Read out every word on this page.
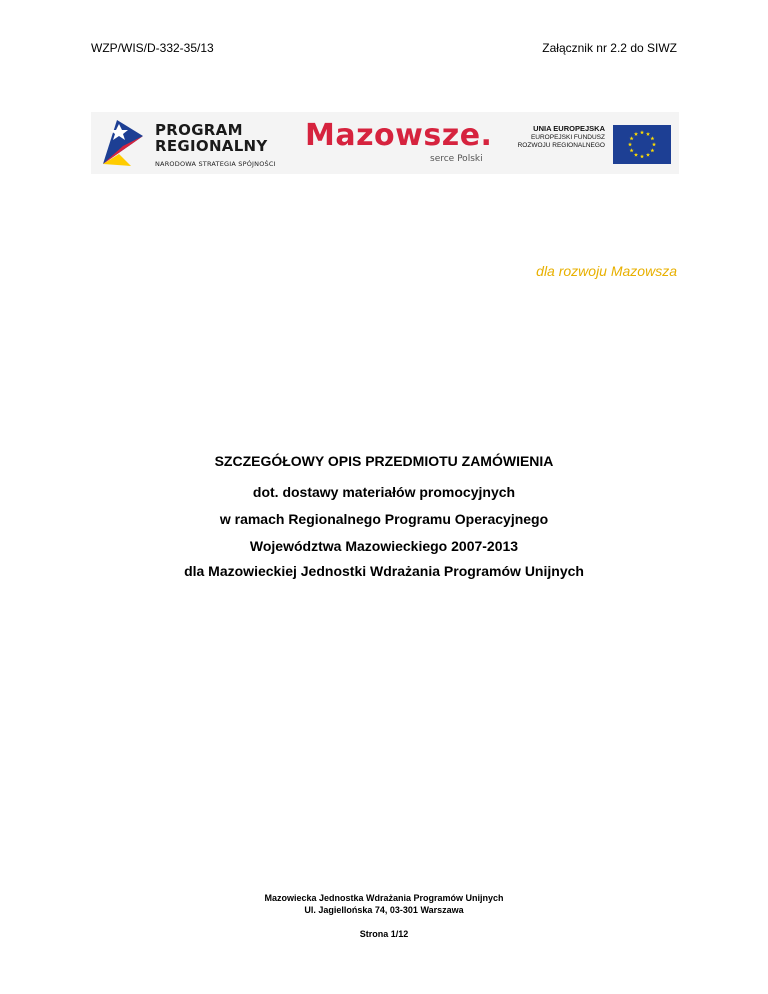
WZP/WIS/D-332-35/13	Załącznik nr 2.2 do SIWZ
PROGRAM
REGIONALNY
NARODOWA STRATEGIA SPÓJNOŚCI
Mazowsze.
serce Polski
UNIA EUROPEJSKA
EUROPEJSKI FUNDUSZ
ROZWOJU REGIONALNEGO
dla rozwoju Mazowsza
SZCZEGÓŁOWY OPIS PRZEDMIOTU ZAMÓWIENIA
dot. dostawy materiałów promocyjnych
w ramach Regionalnego Programu Operacyjnego
Województwa Mazowieckiego 2007-2013
dla Mazowieckiej Jednostki Wdrażania Programów Unijnych
Mazowiecka Jednostka Wdrażania Programów Unijnych
Ul. Jagiellońska 74, 03-301 Warszawa
Strona 1/12
